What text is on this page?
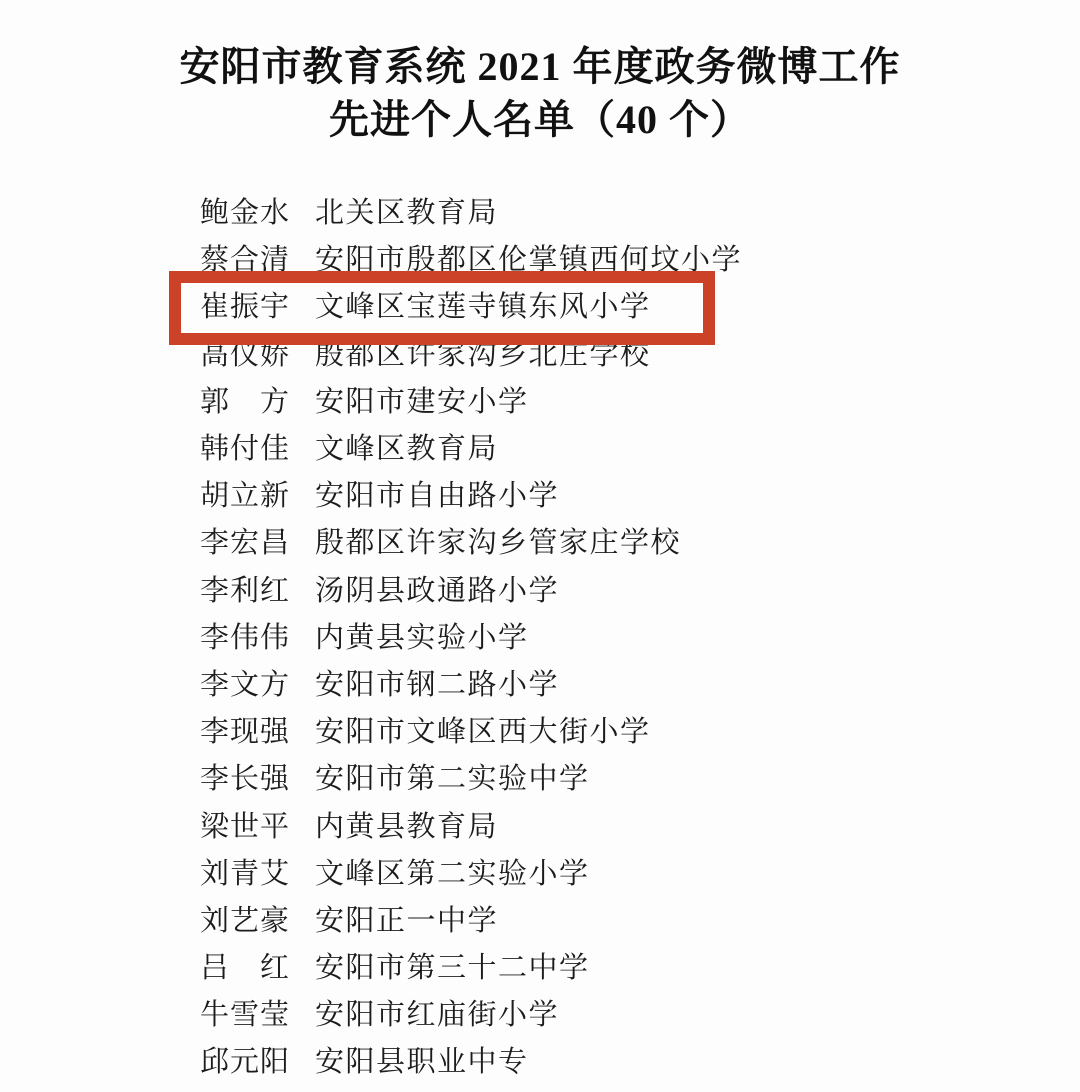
安阳市教育系统 2021 年度政务微博工作
先进个人名单（40 个）
鲍金水 北关区教育局
蔡合清 安阳市殷都区伦掌镇西何坟小学
崔振宇 文峰区宝莲寺镇东风小学
高仪娇 殷都区许家沟乡北庄学校
郭　方 安阳市建安小学
韩付佳 文峰区教育局
胡立新 安阳市自由路小学
李宏昌 殷都区许家沟乡管家庄学校
李利红 汤阴县政通路小学
李伟伟 内黄县实验小学
李文方 安阳市钢二路小学
李现强 安阳市文峰区西大街小学
李长强 安阳市第二实验中学
梁世平 内黄县教育局
刘青艾 文峰区第二实验小学
刘艺豪 安阳正一中学
吕　红 安阳市第三十二中学
牛雪莹 安阳市红庙街小学
邱元阳 安阳县职业中专
